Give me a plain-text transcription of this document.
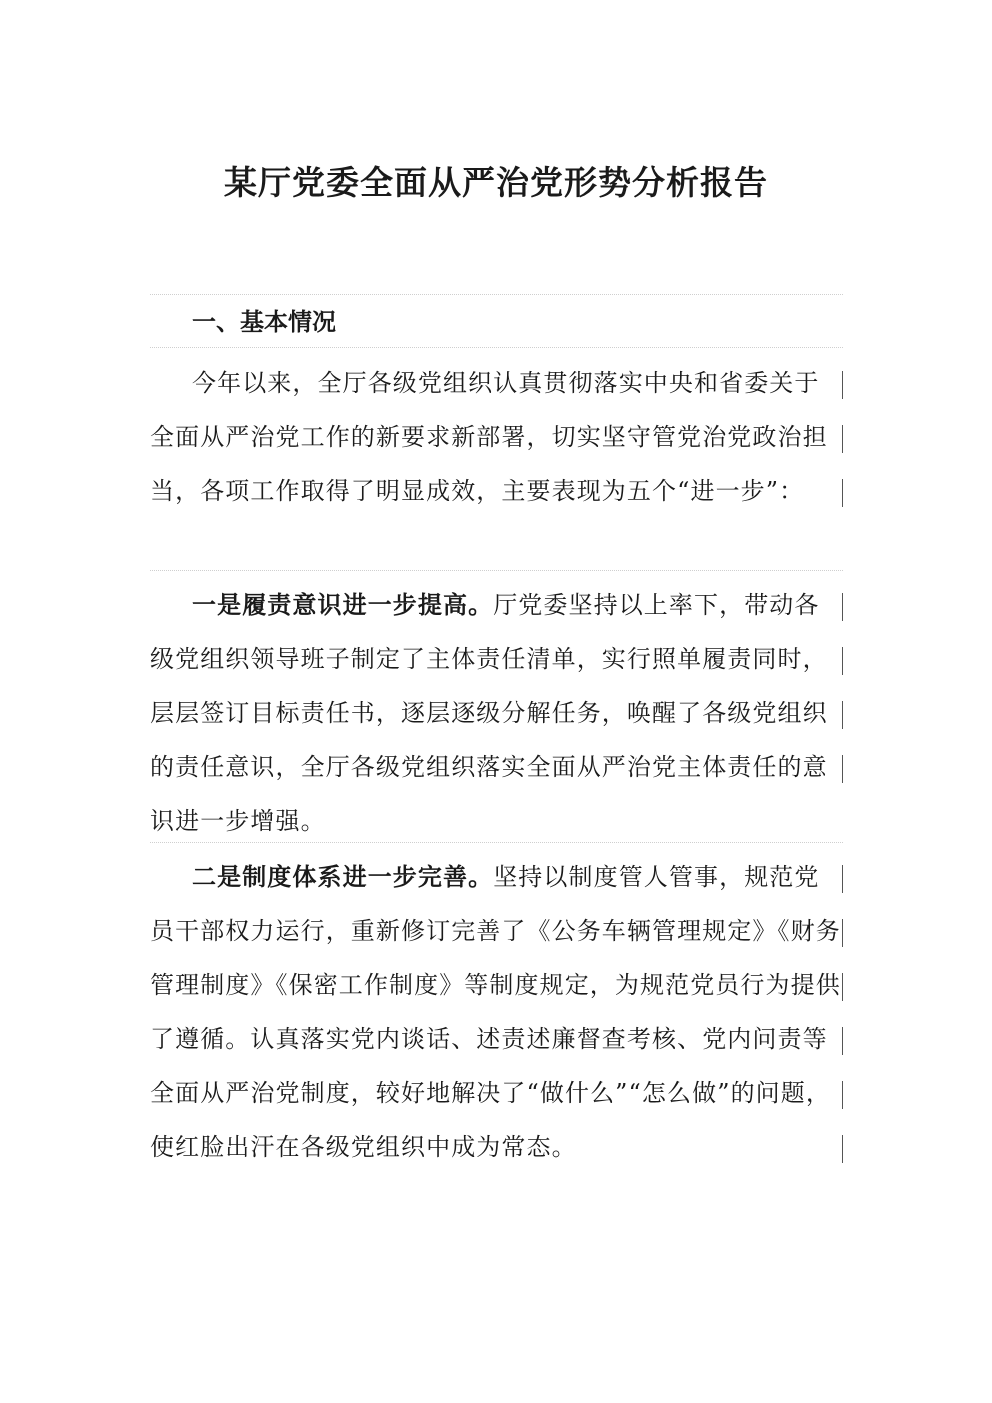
某厅党委全面从严治党形势分析报告
一、基本情况

今年以来，全厅各级党组织认真贯彻落实中央和省委关于全面从严治党工作的新要求新部署，切实坚守管党治党政治担当，各项工作取得了明显成效，主要表现为五个“进一步”：

一是履责意识进一步提高。厅党委坚持以上率下，带动各级党组织领导班子制定了主体责任清单，实行照单履责同时，层层签订目标责任书，逐层逐级分解任务，唤醒了各级党组织的责任意识，全厅各级党组织落实全面从严治党主体责任的意识进一步增强。

二是制度体系进一步完善。坚持以制度管人管事，规范党员干部权力运行，重新修订完善了《公务车辆管理规定》《财务管理制度》《保密工作制度》等制度规定，为规范党员行为提供了遵循。认真落实党内谈话、述责述廉督查考核、党内问责等全面从严治党制度，较好地解决了“做什么”“怎么做”的问题，使红脸出汗在各级党组织中成为常态。
